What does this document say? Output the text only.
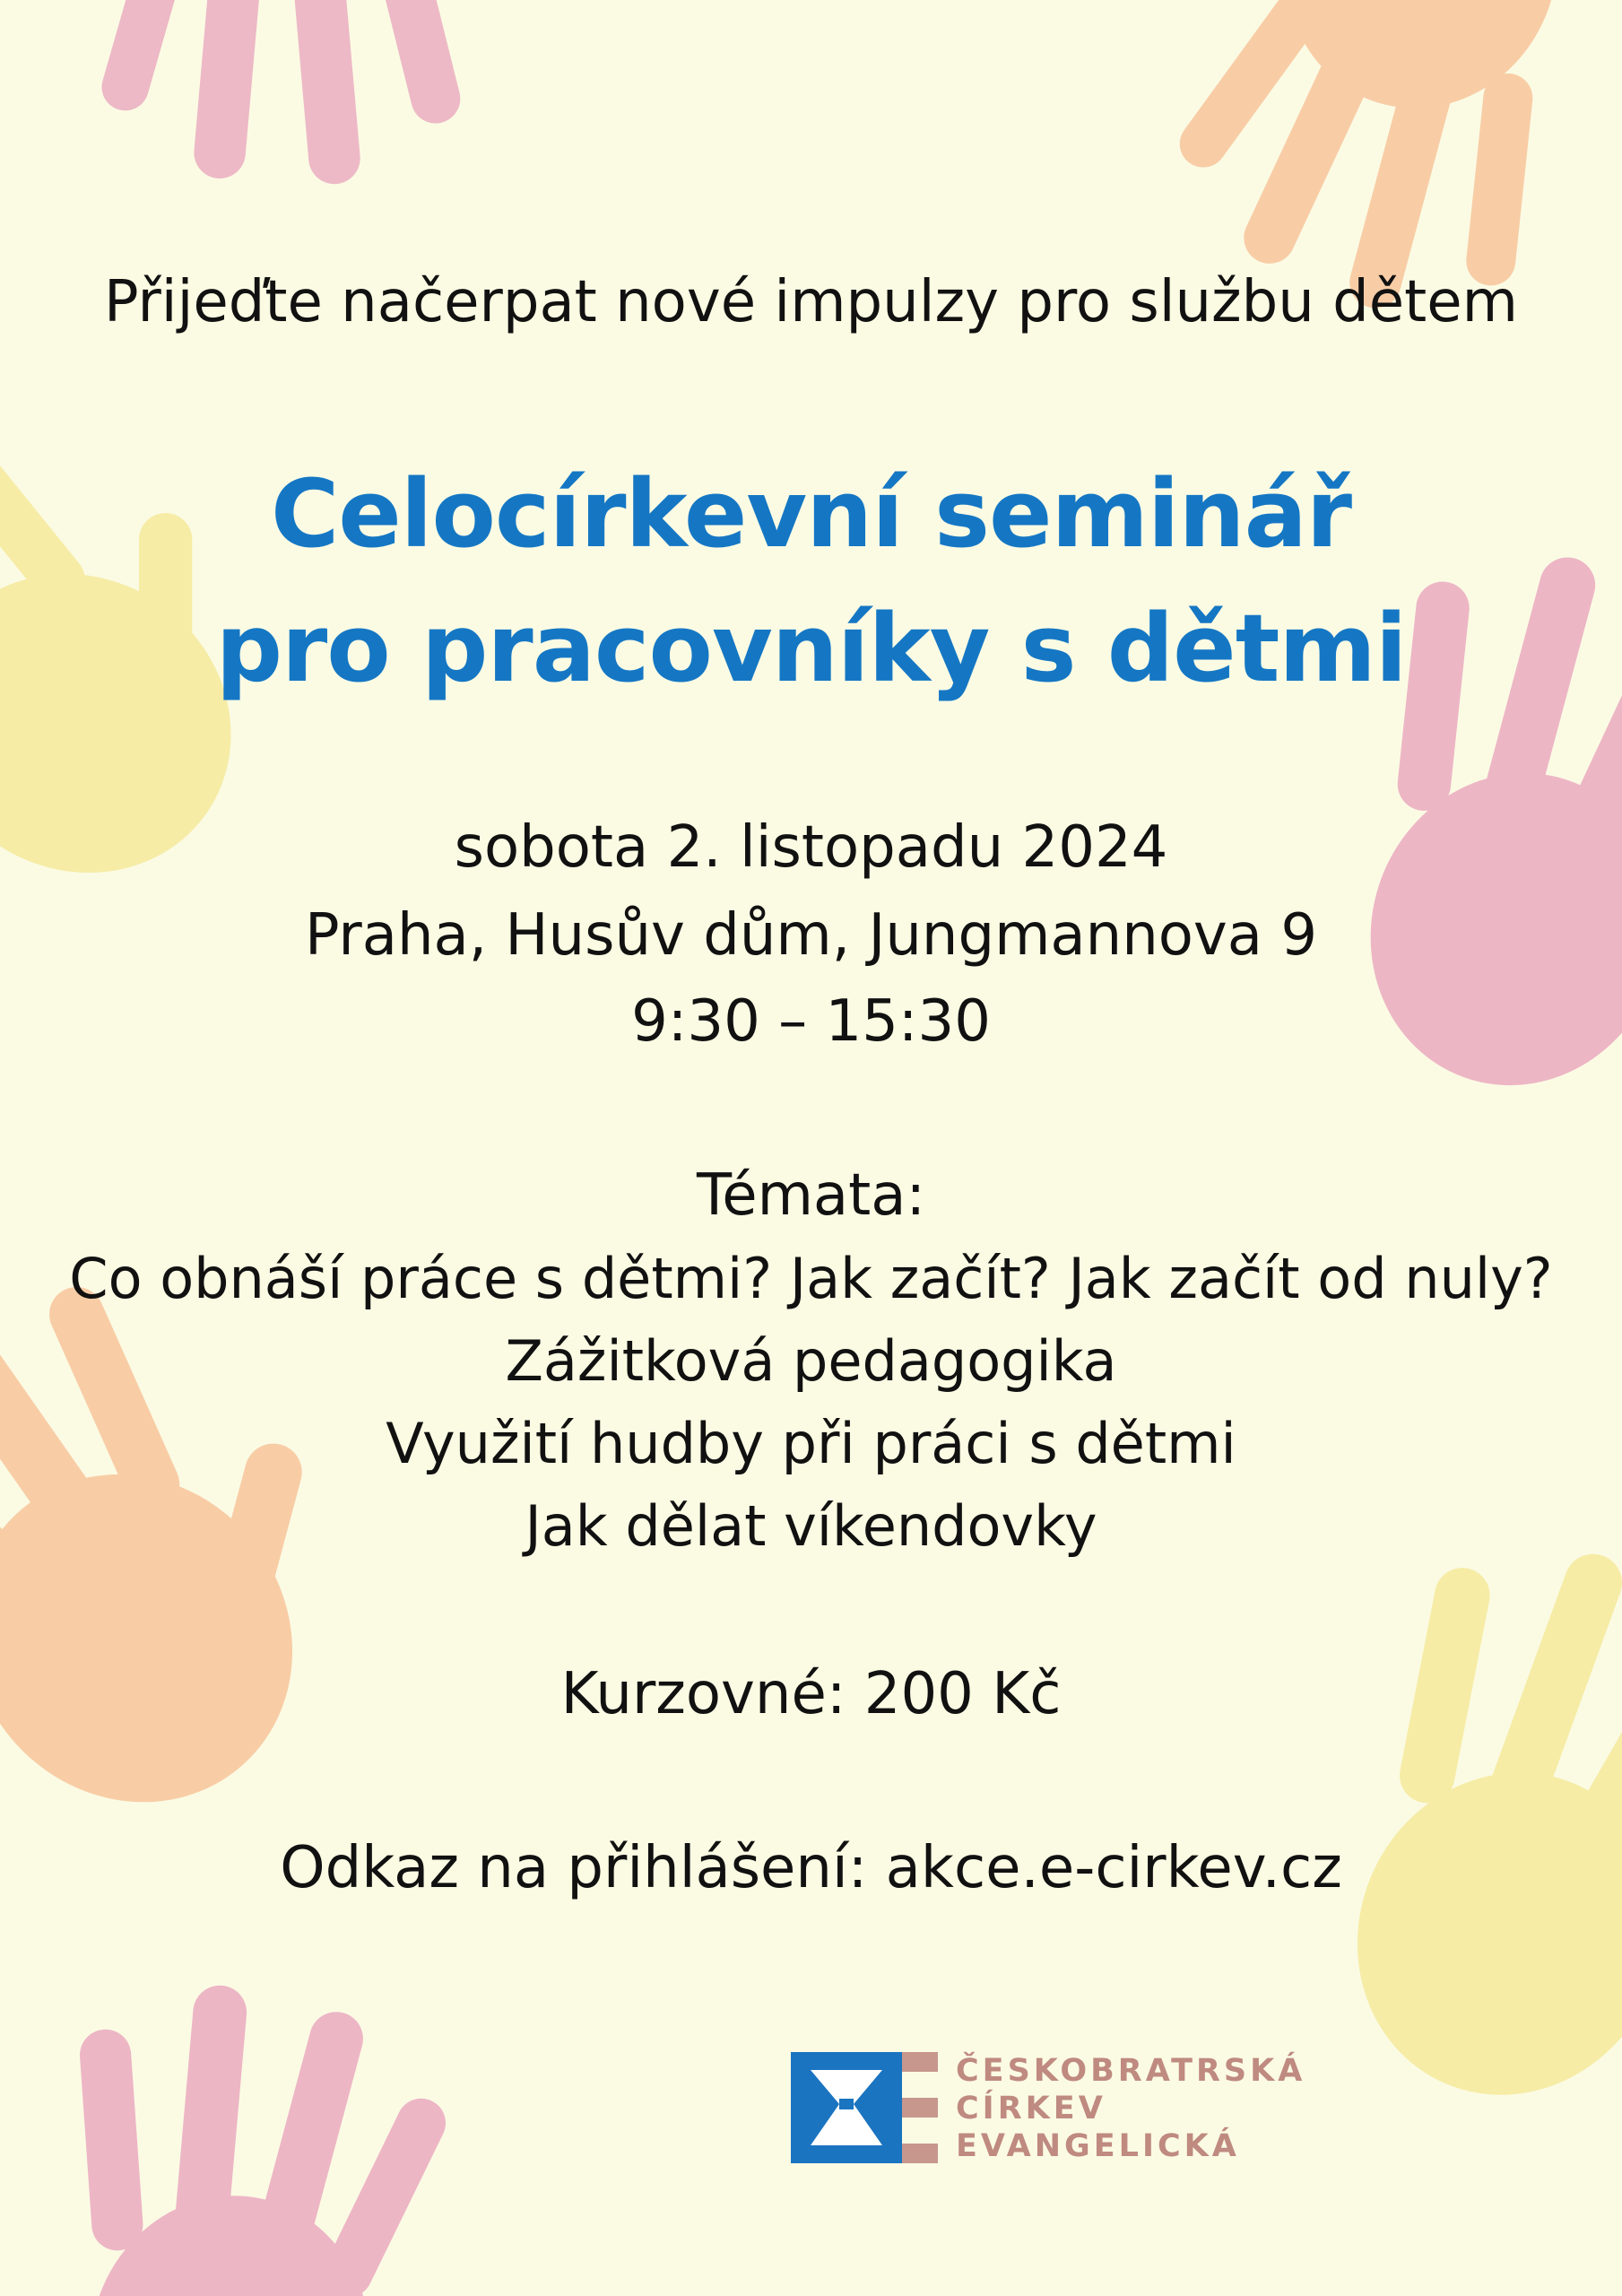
Přijeďte načerpat nové impulzy pro službu dětem
Celocírkevní seminář
pro pracovníky s dětmi
sobota 2. listopadu 2024
Praha, Husův dům, Jungmannova 9
9:30 – 15:30
Témata:
Co obnáší práce s dětmi? Jak začít? Jak začít od nuly?
Zážitková pedagogika
Využití hudby při práci s dětmi
Jak dělat víkendovky
Kurzovné: 200 Kč
Odkaz na přihlášení: akce.e-cirkev.cz
ČESKOBRATRSKÁ
CÍRKEV
EVANGELICKÁ
